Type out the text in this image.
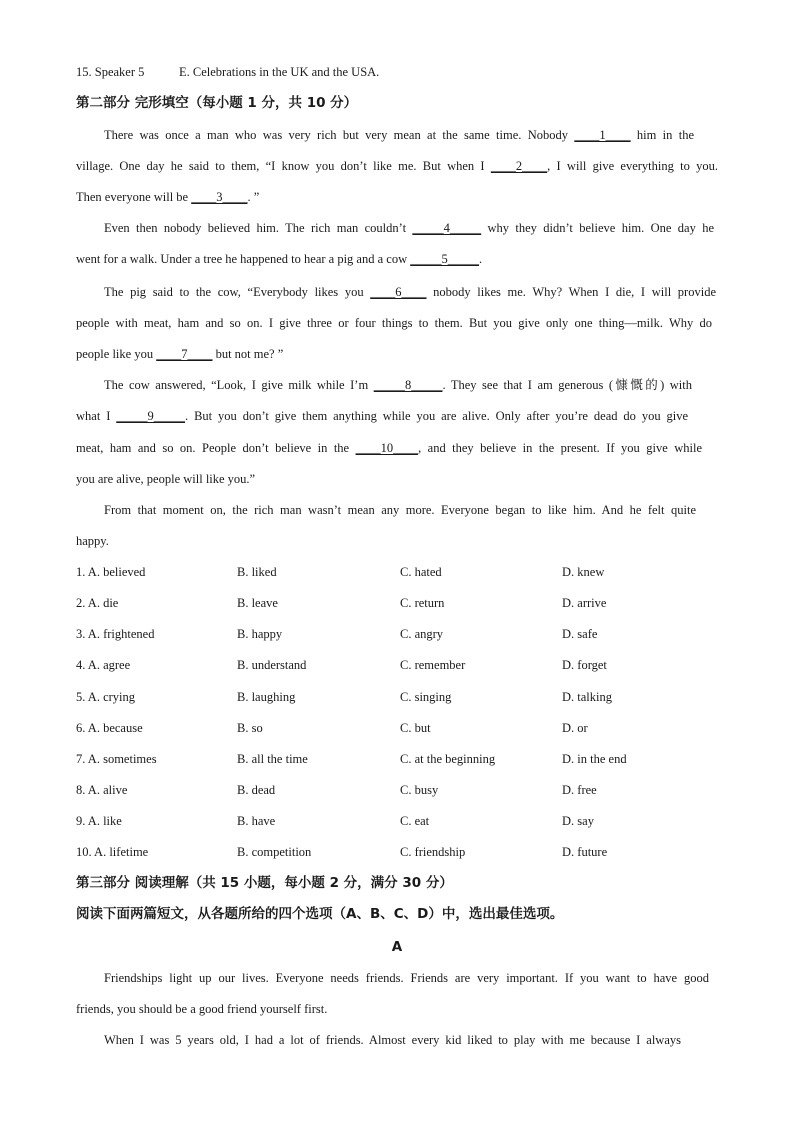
15. Speaker 5	E. Celebrations in the UK and the USA.
第二部分 完形填空（每小题 1 分，共 10 分）
There was once a man who was very rich but very mean at the same time. Nobody ____1____ him in the
village. One day he said to them, “I know you don’t like me. But when I ____2____, I will give everything to you.
Then everyone will be ____3____. ”
Even then nobody believed him. The rich man couldn’t _____4_____ why they didn’t believe him. One day he
went for a walk. Under a tree he happened to hear a pig and a cow _____5_____.
The pig said to the cow, “Everybody likes you ____6____ nobody likes me. Why? When I die, I will provide
people with meat, ham and so on. I give three or four things to them. But you give only one thing—milk. Why do
people like you ____7____ but not me? ”
The cow answered, “Look, I give milk while I’m _____8_____. They see that I am generous (慷慨的) with
what I _____9_____. But you don’t give them anything while you are alive. Only after you’re dead do you give
meat, ham and so on. People don’t believe in the ____10____, and they believe in the present. If you give while
you are alive, people will like you.”
From that moment on, the rich man wasn’t mean any more. Everyone began to like him. And he felt quite
happy.
1. A. believed	B. liked	C. hated	D. knew
2. A. die	B. leave	C. return	D. arrive
3. A. frightened	B. happy	C. angry	D. safe
4. A. agree	B. understand	C. remember	D. forget
5. A. crying	B. laughing	C. singing	D. talking
6. A. because	B. so	C. but	D. or
7. A. sometimes	B. all the time	C. at the beginning	D. in the end
8. A. alive	B. dead	C. busy	D. free
9. A. like	B. have	C. eat	D. say
10. A. lifetime	B. competition	C. friendship	D. future
第三部分 阅读理解（共 15 小题，每小题 2 分，满分 30 分）
阅读下面两篇短文，从各题所给的四个选项（A、B、C、D）中，选出最佳选项。
A
Friendships light up our lives. Everyone needs friends. Friends are very important. If you want to have good
friends, you should be a good friend yourself first.
When I was 5 years old, I had a lot of friends. Almost every kid liked to play with me because I always
